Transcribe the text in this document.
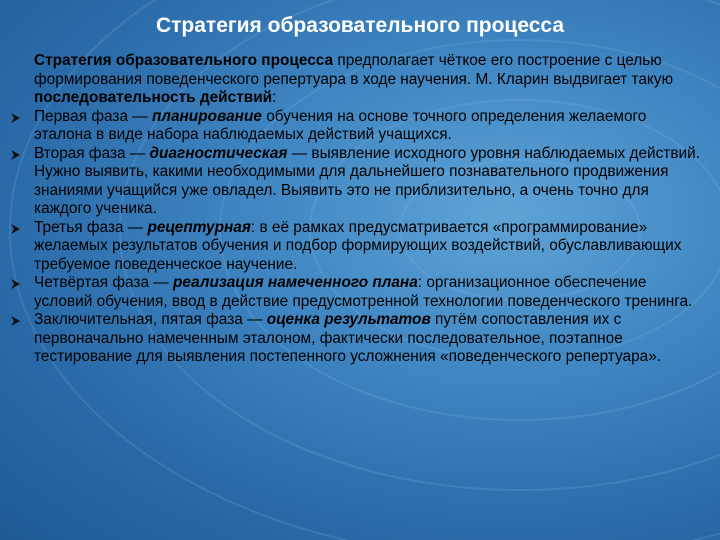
Стратегия образовательного процесса

Стратегия образовательного процесса предполагает чёткое его построение с целью формирования поведенческого репертуара в ходе научения. М. Кларин выдвигает такую последовательность действий:

Первая фаза — планирование обучения на основе точного определения желаемого эталона в виде набора наблюдаемых действий учащихся.

Вторая фаза — диагностическая — выявление исходного уровня наблюдаемых действий. Нужно выявить, какими необходимыми для дальнейшего познавательного продвижения знаниями учащийся уже овладел. Выявить это не приблизительно, а очень точно для каждого ученика.

Третья фаза — рецептурная: в её рамках предусматривается «программирование» желаемых результатов обучения и подбор формирующих воздействий, обуславливающих требуемое поведенческое научение.

Четвёртая фаза — реализация намеченного плана: организационное обеспечение условий обучения, ввод в действие предусмотренной технологии поведенческого тренинга.

Заключительная, пятая фаза — оценка результатов путём сопоставления их с первоначально намеченным эталоном, фактически последовательное, поэтапное тестирование для выявления постепенного усложнения «поведенческого репертуара».
